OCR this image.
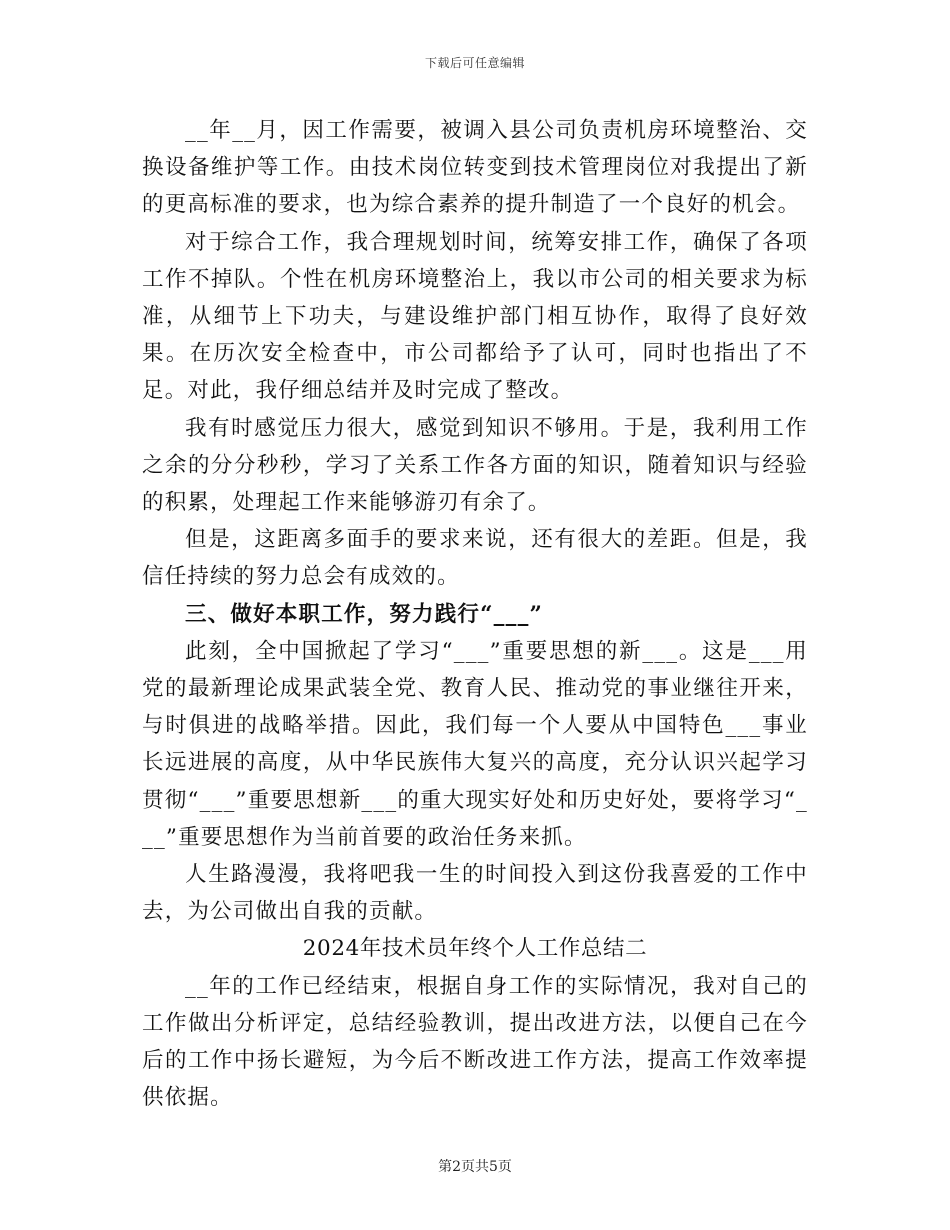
下载后可任意编辑

__年__月，因工作需要，被调入县公司负责机房环境整治、交换设备维护等工作。由技术岗位转变到技术管理岗位对我提出了新的更高标准的要求，也为综合素养的提升制造了一个良好的机会。

对于综合工作，我合理规划时间，统筹安排工作，确保了各项工作不掉队。个性在机房环境整治上，我以市公司的相关要求为标准，从细节上下功夫，与建设维护部门相互协作，取得了良好效果。在历次安全检查中，市公司都给予了认可，同时也指出了不足。对此，我仔细总结并及时完成了整改。

我有时感觉压力很大，感觉到知识不够用。于是，我利用工作之余的分分秒秒，学习了关系工作各方面的知识，随着知识与经验的积累，处理起工作来能够游刃有余了。

但是，这距离多面手的要求来说，还有很大的差距。但是，我信任持续的努力总会有成效的。

三、做好本职工作，努力践行“___”

此刻，全中国掀起了学习“___”重要思想的新___。这是___用党的最新理论成果武装全党、教育人民、推动党的事业继往开来，与时俱进的战略举措。因此，我们每一个人要从中国特色___事业长远进展的高度，从中华民族伟大复兴的高度，充分认识兴起学习贯彻“___”重要思想新___的重大现实好处和历史好处，要将学习“___”重要思想作为当前首要的政治任务来抓。

人生路漫漫，我将吧我一生的时间投入到这份我喜爱的工作中去，为公司做出自我的贡献。

2024年技术员年终个人工作总结二

__年的工作已经结束，根据自身工作的实际情况，我对自己的工作做出分析评定，总结经验教训，提出改进方法，以便自己在今后的工作中扬长避短，为今后不断改进工作方法，提高工作效率提供依据。

第2页共5页
